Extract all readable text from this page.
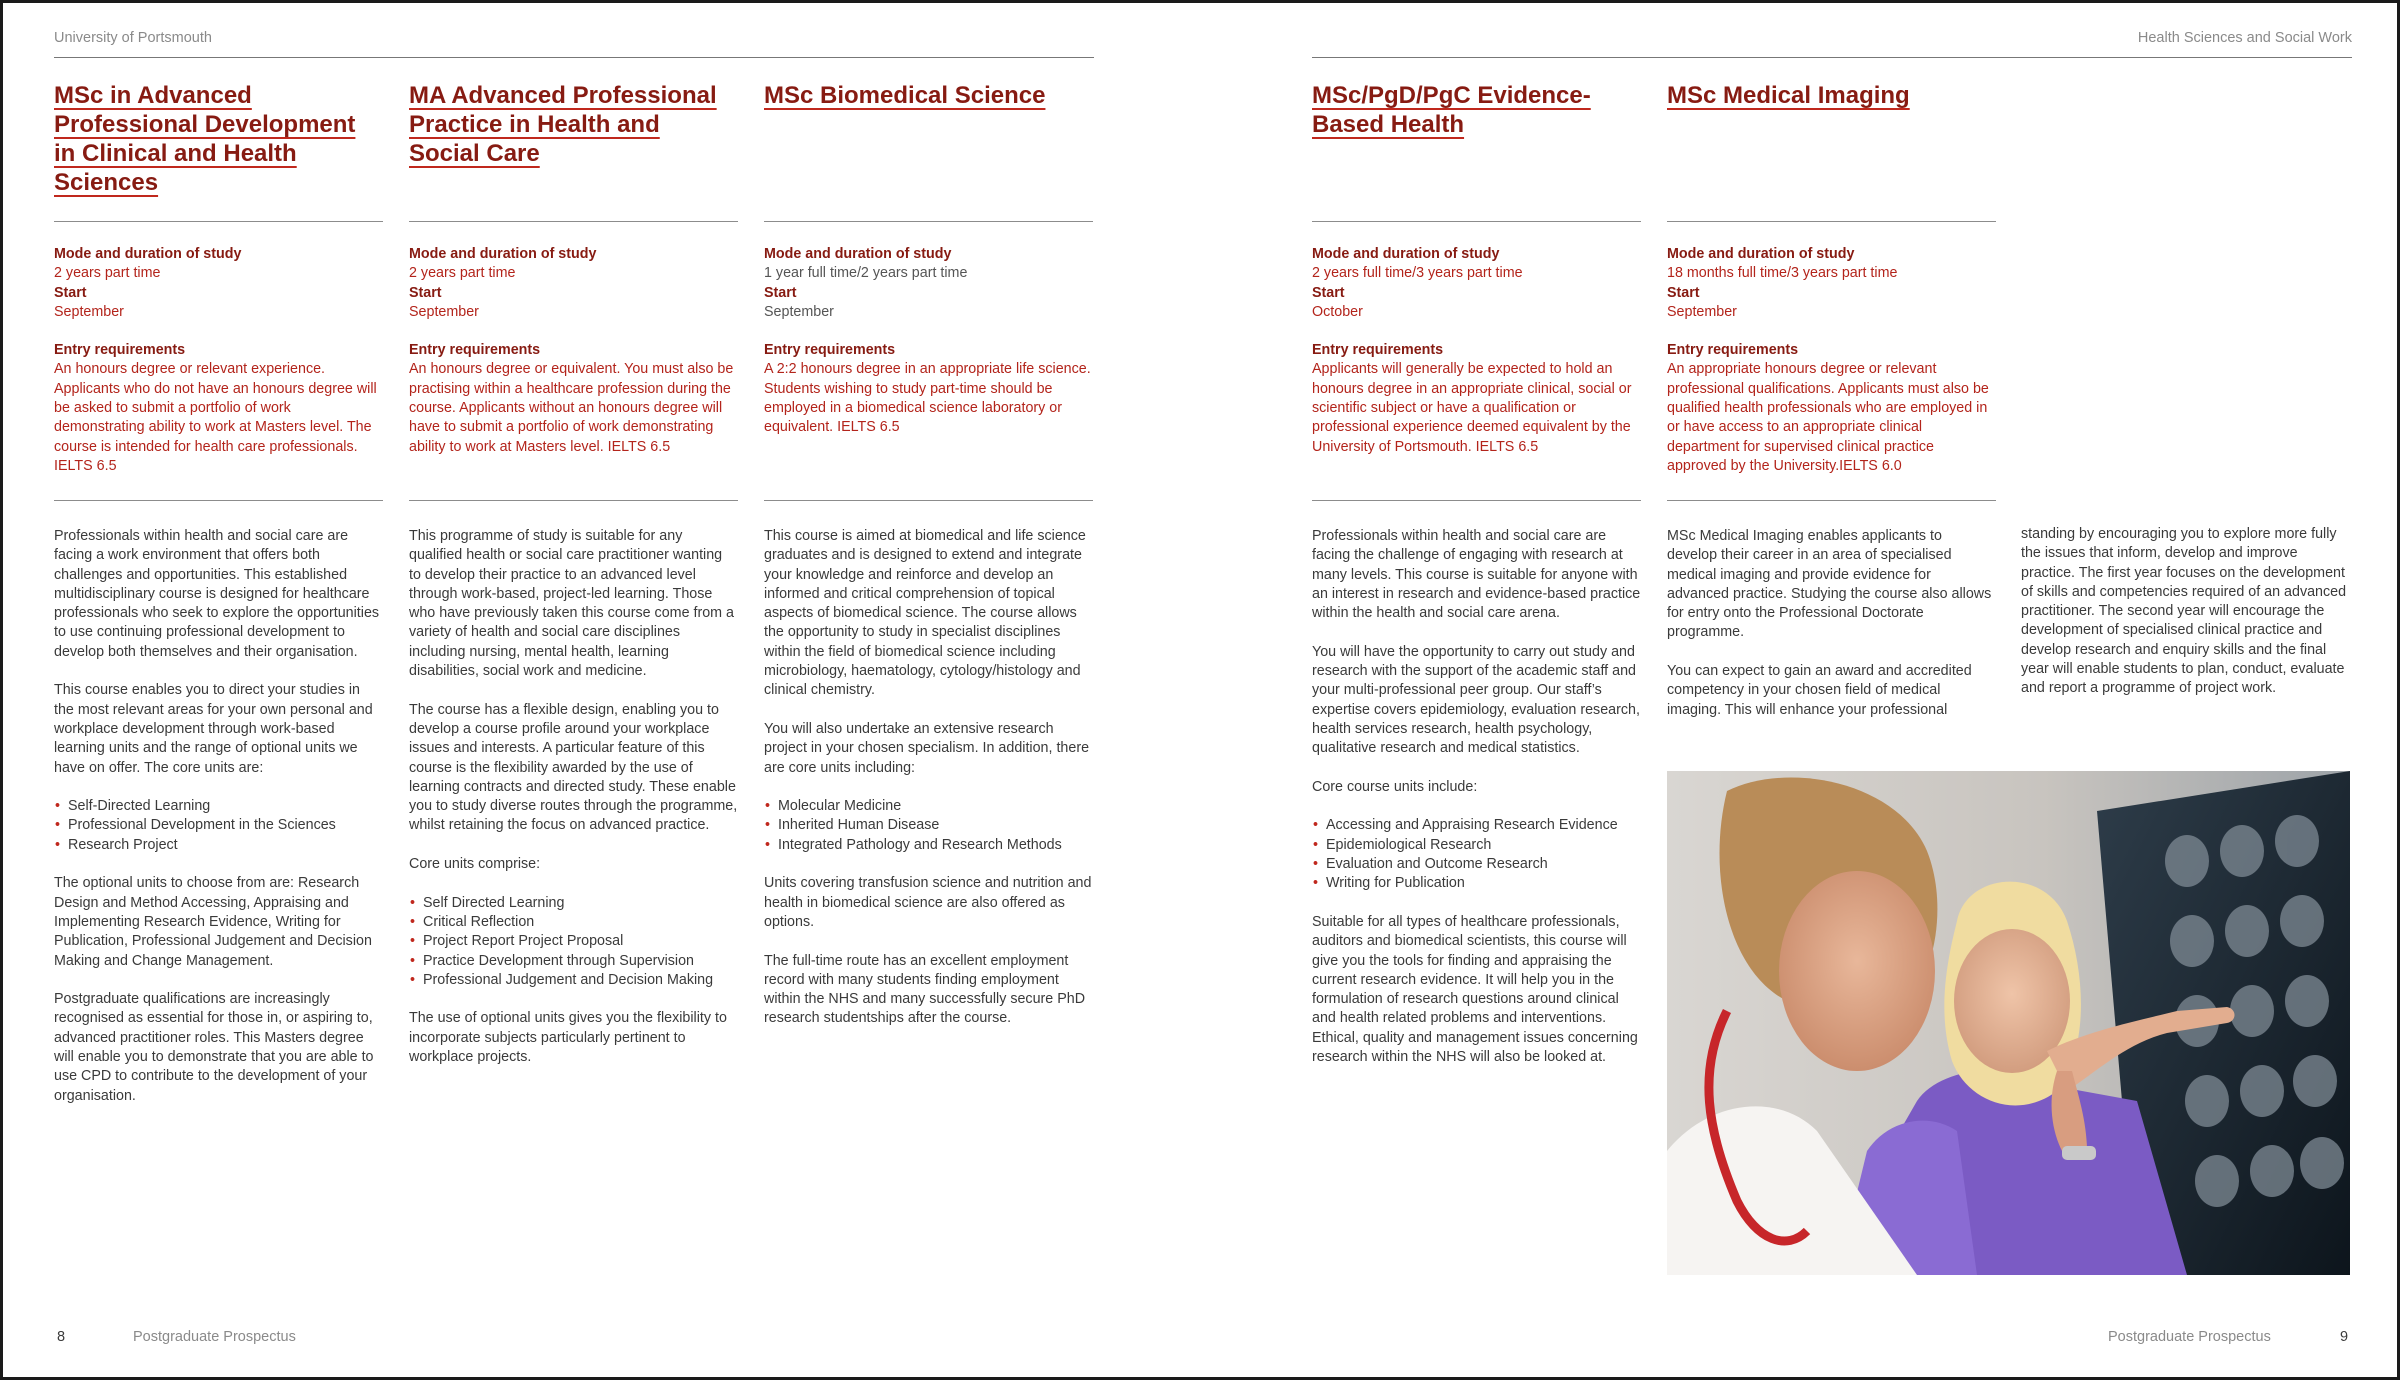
University of Portsmouth
MSc in Advanced
Professional Development
in Clinical and Health
Sciences
Mode and duration of study
2 years part time
Start
September
Entry requirements
An honours degree or relevant experience. Applicants who do not have an honours degree will be asked to submit a portfolio of work demonstrating ability to work at Masters level. The course is intended for health care professionals. IELTS 6.5

Professionals within health and social care are facing a work environment that offers both challenges and opportunities. This established multidisciplinary course is designed for healthcare professionals who seek to explore the opportunities to use continuing professional development to develop both themselves and their organisation.

This course enables you to direct your studies in the most relevant areas for your own personal and workplace development through work-based learning units and the range of optional units we have on offer. The core units are:

• Self-Directed Learning
• Professional Development in the Sciences
• Research Project

The optional units to choose from are: Research Design and Method Accessing, Appraising and Implementing Research Evidence, Writing for Publication, Professional Judgement and Decision Making and Change Management.

Postgraduate qualifications are increasingly recognised as essential for those in, or aspiring to, advanced practitioner roles. This Masters degree will enable you to demonstrate that you are able to use CPD to contribute to the development of your organisation.

MA Advanced Professional
Practice in Health and
Social Care
Mode and duration of study
2 years part time
Start
September
Entry requirements
An honours degree or equivalent. You must also be practising within a healthcare profession during the course. Applicants without an honours degree will have to submit a portfolio of work demonstrating ability to work at Masters level. IELTS 6.5

This programme of study is suitable for any qualified health or social care practitioner wanting to develop their practice to an advanced level through work-based, project-led learning. Those who have previously taken this course come from a variety of health and social care disciplines including nursing, mental health, learning disabilities, social work and medicine.

The course has a flexible design, enabling you to develop a course profile around your workplace issues and interests. A particular feature of this course is the flexibility awarded by the use of learning contracts and directed study. These enable you to study diverse routes through the programme, whilst retaining the focus on advanced practice.

Core units comprise:

• Self Directed Learning
• Critical Reflection
• Project Report Project Proposal
• Practice Development through Supervision
• Professional Judgement and Decision Making

The use of optional units gives you the flexibility to incorporate subjects particularly pertinent to workplace projects.

MSc Biomedical Science
Mode and duration of study
1 year full time/2 years part time
Start
September
Entry requirements
A 2:2 honours degree in an appropriate life science. Students wishing to study part-time should be employed in a biomedical science laboratory or equivalent. IELTS 6.5

This course is aimed at biomedical and life science graduates and is designed to extend and integrate your knowledge and reinforce and develop an informed and critical comprehension of topical aspects of biomedical science. The course allows the opportunity to study in specialist disciplines within the field of biomedical science including microbiology, haematology, cytology/histology and clinical chemistry.

You will also undertake an extensive research project in your chosen specialism. In addition, there are core units including:

• Molecular Medicine
• Inherited Human Disease
• Integrated Pathology and Research Methods

Units covering transfusion science and nutrition and health in biomedical science are also offered as options.

The full-time route has an excellent employment record with many students finding employment within the NHS and many successfully secure PhD research studentships after the course.

8	Postgraduate Prospectus
Health Sciences and Social Work
MSc/PgD/PgC Evidence-
Based Health
Mode and duration of study
2 years full time/3 years part time
Start
October
Entry requirements
Applicants will generally be expected to hold an honours degree in an appropriate clinical, social or scientific subject or have a qualification or professional experience deemed equivalent by the University of Portsmouth. IELTS 6.5

Professionals within health and social care are facing the challenge of engaging with research at many levels. This course is suitable for anyone with an interest in research and evidence-based practice within the health and social care arena.

You will have the opportunity to carry out study and research with the support of the academic staff and your multi-professional peer group. Our staff’s expertise covers epidemiology, evaluation research, health services research, health psychology, qualitative research and medical statistics.

Core course units include:

• Accessing and Appraising Research Evidence
• Epidemiological Research
• Evaluation and Outcome Research
• Writing for Publication

Suitable for all types of healthcare professionals, auditors and biomedical scientists, this course will give you the tools for finding and appraising the current research evidence. It will help you in the formulation of research questions around clinical and health related problems and interventions. Ethical, quality and management issues concerning research within the NHS will also be looked at.

MSc Medical Imaging
Mode and duration of study
18 months full time/3 years part time
Start
September
Entry requirements
An appropriate honours degree or relevant professional qualifications. Applicants must also be qualified health professionals who are employed in or have access to an appropriate clinical department for supervised clinical practice approved by the University.IELTS 6.0

MSc Medical Imaging enables applicants to develop their career in an area of specialised medical imaging and provide evidence for advanced practice. Studying the course also allows for entry onto the Professional Doctorate programme.

You can expect to gain an award and accredited competency in your chosen field of medical imaging. This will enhance your professional

standing by encouraging you to explore more fully the issues that inform, develop and improve practice. The first year focuses on the development of skills and competencies required of an advanced practitioner. The second year will encourage the development of specialised clinical practice and develop research and enquiry skills and the final year will enable students to plan, conduct, evaluate and report a programme of project work.

Postgraduate Prospectus	9
